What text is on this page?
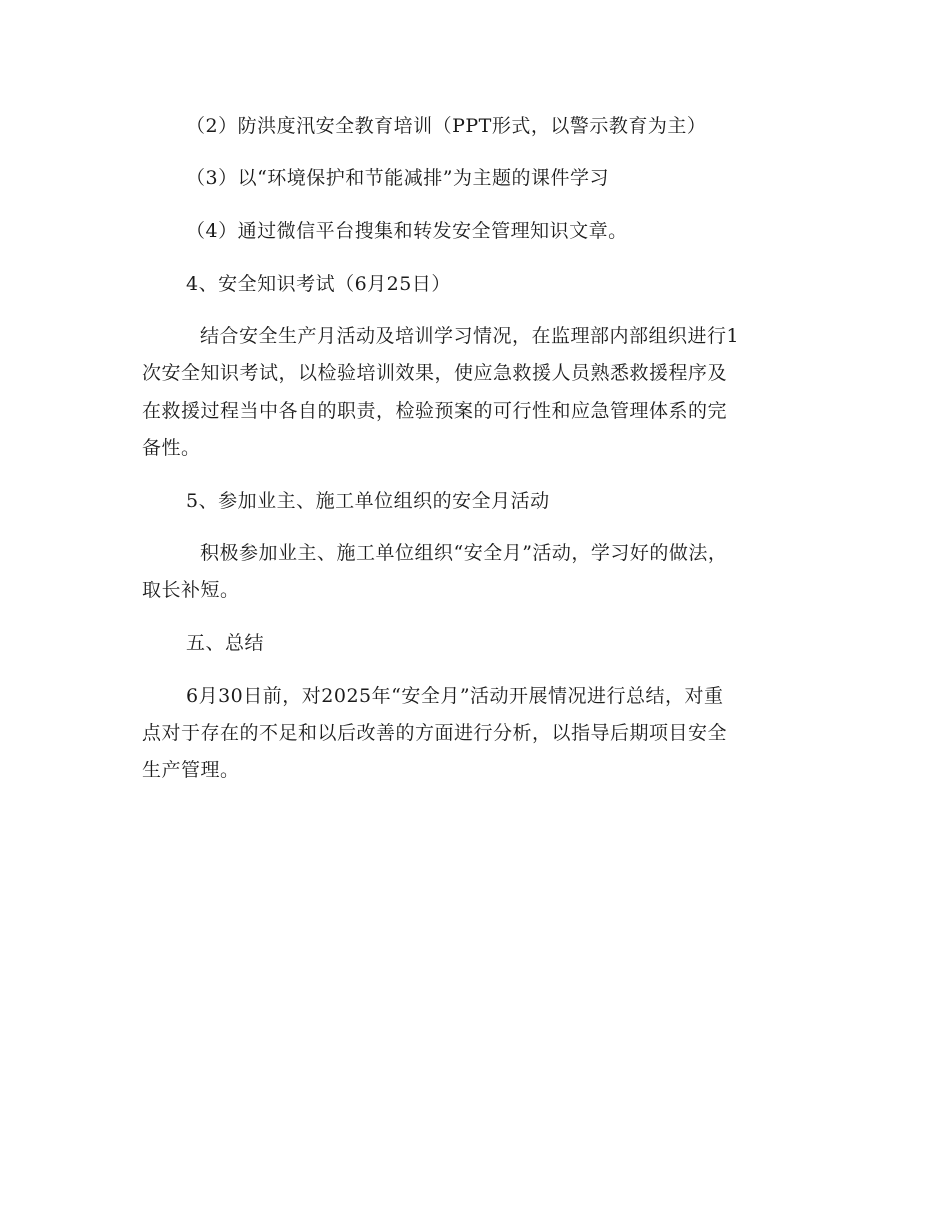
（2）防洪度汛安全教育培训（PPT形式，以警示教育为主）
（3）以“环境保护和节能减排”为主题的课件学习
（4）通过微信平台搜集和转发安全管理知识文章。
4、安全知识考试（6月25日）
结合安全生产月活动及培训学习情况，在监理部内部组织进行1
次安全知识考试，以检验培训效果，使应急救援人员熟悉救援程序及
在救援过程当中各自的职责，检验预案的可行性和应急管理体系的完
备性。
5、参加业主、施工单位组织的安全月活动
积极参加业主、施工单位组织“安全月”活动，学习好的做法，
取长补短。
五、总结
6月30日前，对2025年“安全月”活动开展情况进行总结，对重
点对于存在的不足和以后改善的方面进行分析，以指导后期项目安全
生产管理。
